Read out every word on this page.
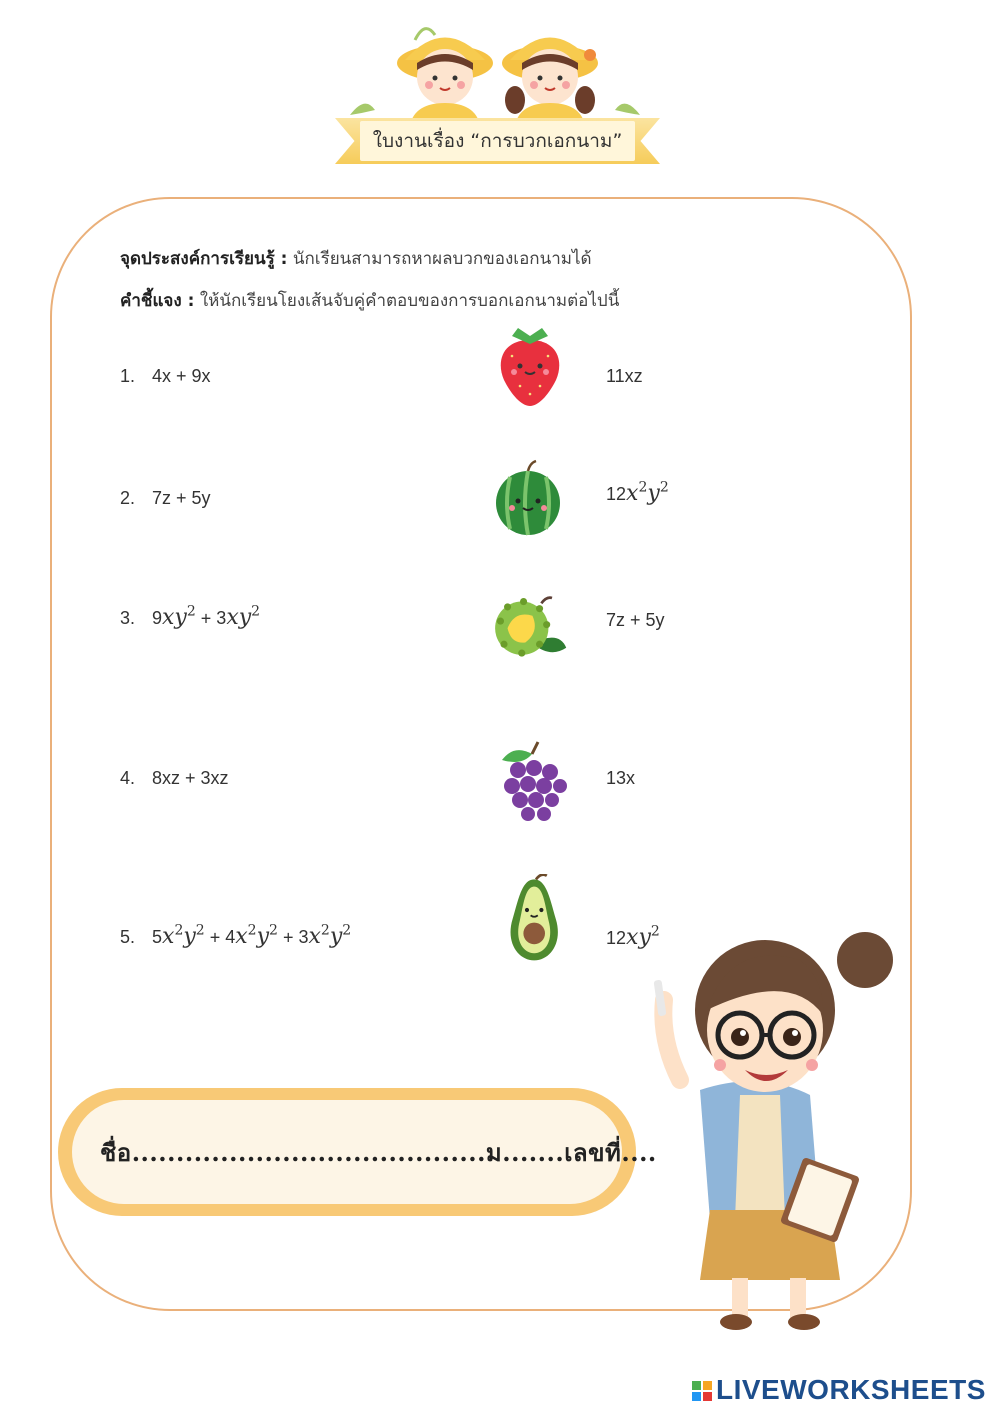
ใบงานเรื่อง “การบวกเอกนาม”
จุดประสงค์การเรียนรู้ : นักเรียนสามารถหาผลบวกของเอกนามได้
คำชี้แจง : ให้นักเรียนโยงเส้นจับคู่คำตอบของการบอกเอกนามต่อไปนี้
1. 4x + 9x
2. 7z + 5y
3. $9xy^2 + 3xy^2$
4. 8xz + 3xz
5. $5x^2y^2 + 4x^2y^2 + 3x^2y^2$
11xz
$12x^2y^2$
7z + 5y
13x
$12xy^2$
ชื่อ........................................ม.......เลขที่....
LIVEWORKSHEETS
